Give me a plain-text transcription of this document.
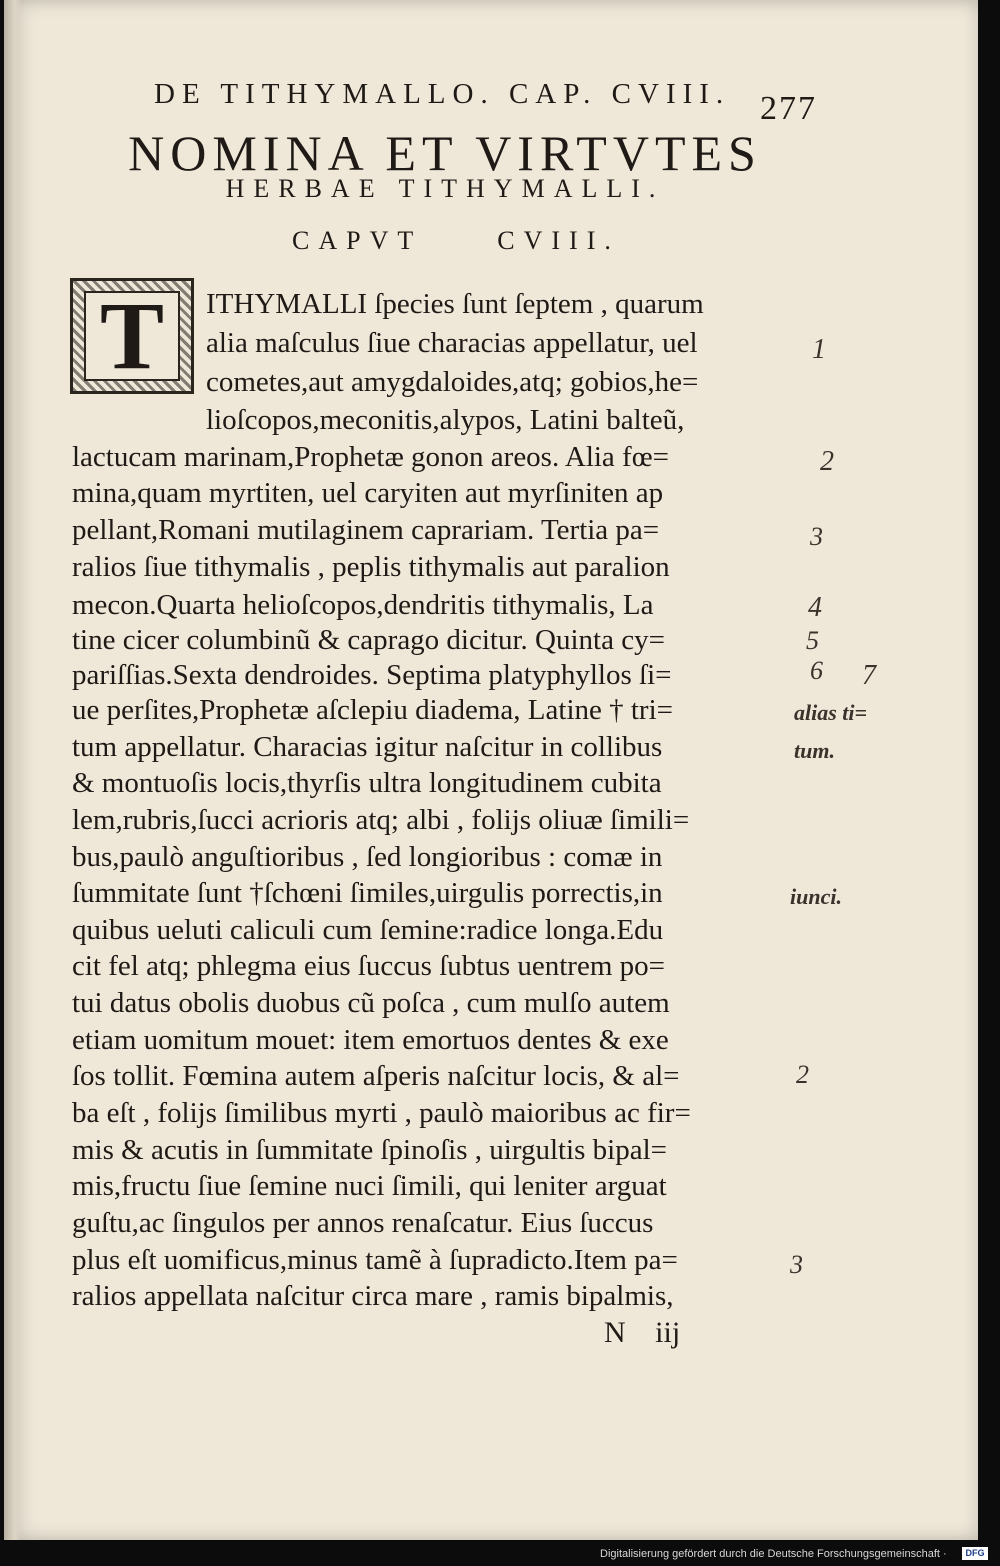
DE TITHYMALLO. CAP. CVIII. 277
NOMINA ET VIRTVTES
HERBAE TITHYMALLI.
CAPVT CVIII.
T	ITHYMALLI ſpecies ſunt ſeptem , quarum
alia maſculus ſiue characias appellatur, uel
cometes,aut amygdaloides,atq; gobios,he=
lioſcopos,meconitis,alypos, Latini balteũ,
lactucam marinam,Prophetæ gonon areos. Alia fœ=
mina,quam myrtiten, uel caryiten aut myrſiniten ap
pellant,Romani mutilaginem caprariam. Tertia pa=
ralios ſiue tithymalis , peplis tithymalis aut paralion
mecon.Quarta helioſcopos,dendritis tithymalis, La
tine cicer columbinũ & caprago dicitur. Quinta cy=
pariſſias.Sexta dendroides. Septima platyphyllos ſi=
ue perſites,Prophetæ aſclepiu diadema, Latine † tri=
tum appellatur. Characias igitur naſcitur in collibus
& montuoſis locis,thyrſis ultra longitudinem cubita
lem,rubris,ſucci acrioris atq; albi , folijs oliuæ ſimili=
bus,paulò anguſtioribus , ſed longioribus : comæ in
ſummitate ſunt †ſchœni ſimiles,uirgulis porrectis,in
quibus ueluti caliculi cum ſemine:radice longa.Edu
cit fel atq; phlegma eius ſuccus ſubtus uentrem po=
tui datus obolis duobus cũ poſca , cum mulſo autem
etiam uomitum mouet: item emortuos dentes & exe
ſos tollit. Fœmina autem aſperis naſcitur locis, & al=
ba eſt , folijs ſimilibus myrti , paulò maioribus ac fir=
mis & acutis in ſummitate ſpinoſis , uirgultis bipal=
mis,fructu ſiue ſemine nuci ſimili, qui leniter arguat
guſtu,ac ſingulos per annos renaſcatur. Eius ſuccus
plus eſt uomificus,minus tamẽ à ſupradicto.Item pa=
ralios appellata naſcitur circa mare , ramis bipalmis,
1
2
3
4
5
6 7
alias ti=
tum.
iunci.
2
3
N iij
Digitalisierung gefördert durch die Deutsche Forschungsgemeinschaft ·	DFG
